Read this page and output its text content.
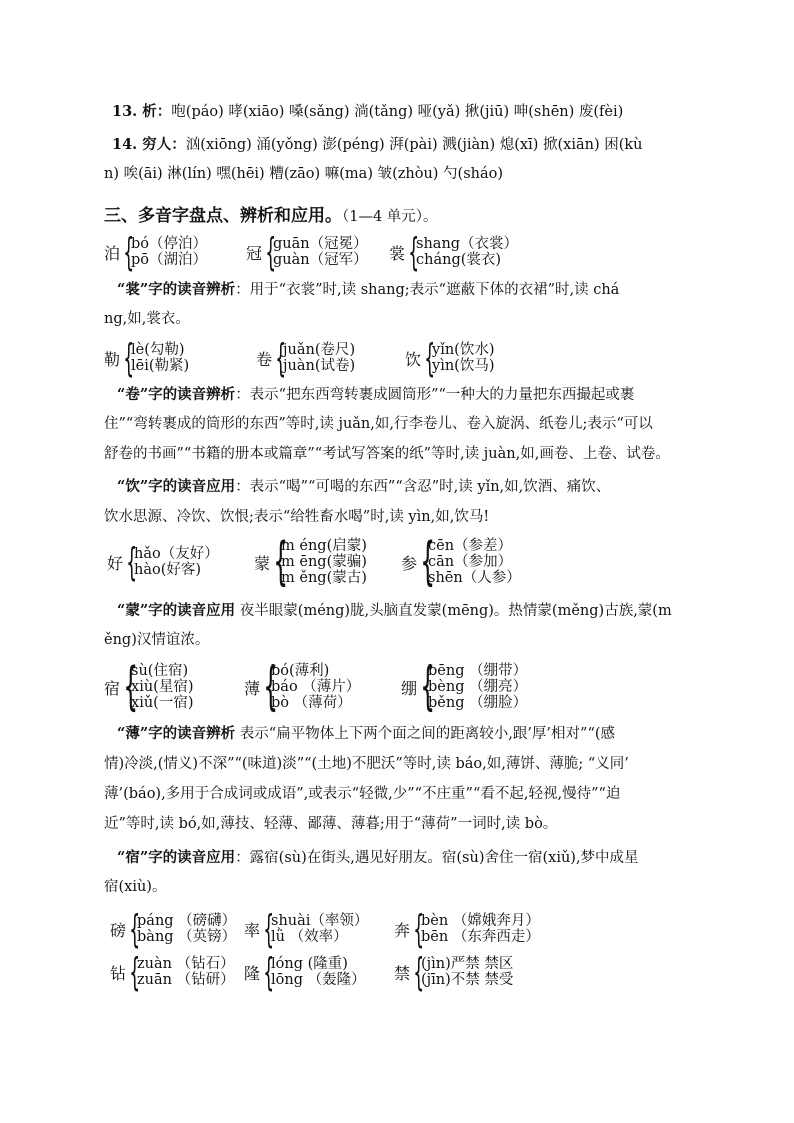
13. 析：咆(páo) 哮(xiāo) 嗓(sǎng) 淌(tǎng) 哑(yǎ) 揪(jiū) 呻(shēn) 废(fèi)
14. 穷人：汹(xiōng) 涌(yǒng) 澎(péng) 湃(pài) 溅(jiàn) 熄(xī) 掀(xiān) 困(kù
n) 唉(āi) 淋(lín) 嘿(hēi) 糟(zāo) 嘛(ma) 皱(zhòu) 勺(sháo)
三、多音字盘点、辨析和应用。（1—4 单元）。
泊 {
bó（停泊）
pō（湖泊） 冠 {
guān（冠冕）
guàn（冠军） 裳 {
shang（衣裳）
cháng(裳衣)
“裳”字的读音辨析：用于“衣裳”时,读 shang;表示“遮蔽下体的衣裙”时,读 chá
ng,如,裳衣。
勒 {
lè(勾勒)
lēi(勒紧)	卷 {
juǎn(卷尺)
juàn(试卷)	饮 {
yǐn(饮水)
yìn(饮马)
“卷”字的读音辨析：表示“把东西弯转裹成圆筒形”“一种大的力量把东西撮起或裹
住”“弯转裹成的筒形的东西”等时,读 juǎn,如,行李卷儿、卷入旋涡、纸卷儿;表示“可以
舒卷的书画”“书籍的册本或篇章”“考试写答案的纸”等时,读 juàn,如,画卷、上卷、试卷。
“饮”字的读音应用：表示“喝”“可喝的东西”“含忍”时,读 yǐn,如,饮酒、痛饮、
饮水思源、冷饮、饮恨;表示“给牲畜水喝”时,读 yìn,如,饮马!
好 {
hǎo（友好）
hào(好客)	蒙 {
m éng(启蒙)
m ēng(蒙骗)
m ěng(蒙古)
参 {
cēn（参差）
cān（参加）
shēn（人参）
“蒙”字的读音应用 夜半眼蒙(méng)胧,头脑直发蒙(mēng)。热情蒙(měng)古族,蒙(m
ěng)汉情谊浓。
宿 {
sù(住宿)
xiù(星宿)
xiǔ(一宿)
薄 {
bó(薄利)
báo （薄片）
bò （薄荷）
绷 {
bēng （绷带）
bèng （绷亮）
běng （绷脸）
“薄”字的读音辨析 表示“扁平物体上下两个面之间的距离较小,跟’厚’相对”“(感
情)冷淡,(情义)不深”“(味道)淡”“(土地)不肥沃”等时,读 báo,如,薄饼、薄脆; “义同’
薄’(báo),多用于合成词或成语”,或表示“轻微,少”“不庄重”“看不起,轻视,慢待”“迫
近”等时,读 bó,如,薄技、轻薄、鄙薄、薄暮;用于“薄荷”一词时,读 bò。
“宿”字的读音应用：露宿(sù)在街头,遇见好朋友。宿(sù)舍住一宿(xiǔ),梦中成星
宿(xiù)。
磅 {
páng （磅礴）
bàng （英镑） 率 {
shuài（率领）
lǜ （效率）	奔 {
bèn （嫦娥奔月）
bēn （东奔西走）
钻 {
zuàn （钻石）
zuān （钻研） 隆 {
lóng (隆重)
lōng （轰隆） 禁 {
(jìn)严禁 禁区
(jīn)不禁 禁受
